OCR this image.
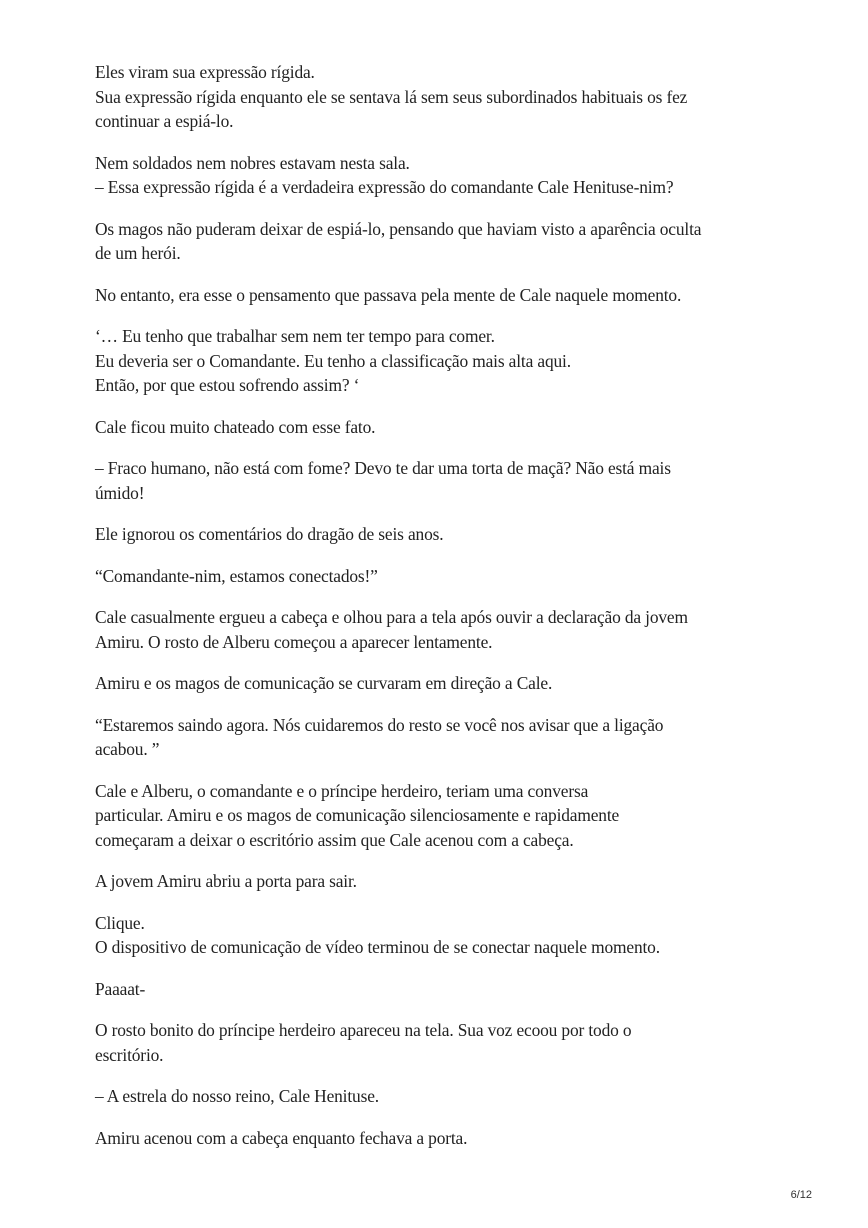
Eles viram sua expressão rígida.
Sua expressão rígida enquanto ele se sentava lá sem seus subordinados habituais os fez
continuar a espiá-lo.
Nem soldados nem nobres estavam nesta sala.
– Essa expressão rígida é a verdadeira expressão do comandante Cale Henituse-nim?
Os magos não puderam deixar de espiá-lo, pensando que haviam visto a aparência oculta
de um herói.
No entanto, era esse o pensamento que passava pela mente de Cale naquele momento.
‘… Eu tenho que trabalhar sem nem ter tempo para comer.
Eu deveria ser o Comandante. Eu tenho a classificação mais alta aqui.
Então, por que estou sofrendo assim? ‘
Cale ficou muito chateado com esse fato.
– Fraco humano, não está com fome? Devo te dar uma torta de maçã? Não está mais
úmido!
Ele ignorou os comentários do dragão de seis anos.
“Comandante-nim, estamos conectados!”
Cale casualmente ergueu a cabeça e olhou para a tela após ouvir a declaração da jovem
Amiru. O rosto de Alberu começou a aparecer lentamente.
Amiru e os magos de comunicação se curvaram em direção a Cale.
“Estaremos saindo agora. Nós cuidaremos do resto se você nos avisar que a ligação
acabou. ”
Cale e Alberu, o comandante e o príncipe herdeiro, teriam uma conversa
particular. Amiru e os magos de comunicação silenciosamente e rapidamente
começaram a deixar o escritório assim que Cale acenou com a cabeça.
A jovem Amiru abriu a porta para sair.
Clique.
O dispositivo de comunicação de vídeo terminou de se conectar naquele momento.
Paaaat-
O rosto bonito do príncipe herdeiro apareceu na tela. Sua voz ecoou por todo o
escritório.
– A estrela do nosso reino, Cale Henituse.
Amiru acenou com a cabeça enquanto fechava a porta.
6/12
